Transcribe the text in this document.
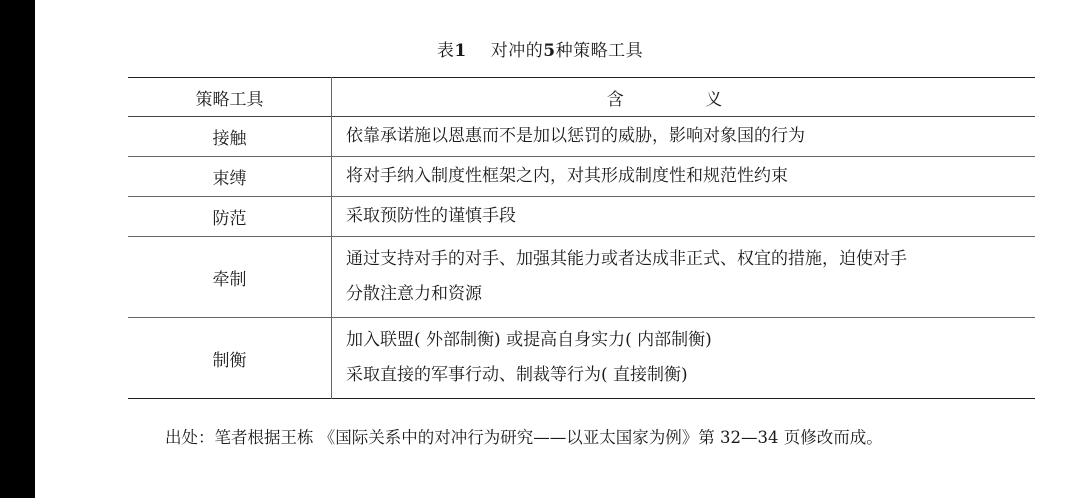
表1 对冲的5种策略工具
策略工具	含 义
接触	依靠承诺施以恩惠而不是加以惩罚的威胁，影响对象国的行为

束缚	将对手纳入制度性框架之内，对其形成制度性和规范性约束

防范	采取预防性的谨慎手段

牵制	通过支持对手的对手、加强其能力或者达成非正式、权宜的措施，迫使对手
分散注意力和资源

制衡	加入联盟( 外部制衡) 或提高自身实力( 内部制衡)
采取直接的军事行动、制裁等行为( 直接制衡)
出处：笔者根据王栋 《国际关系中的对冲行为研究——以亚太国家为例》第 32—34 页修改而成。
